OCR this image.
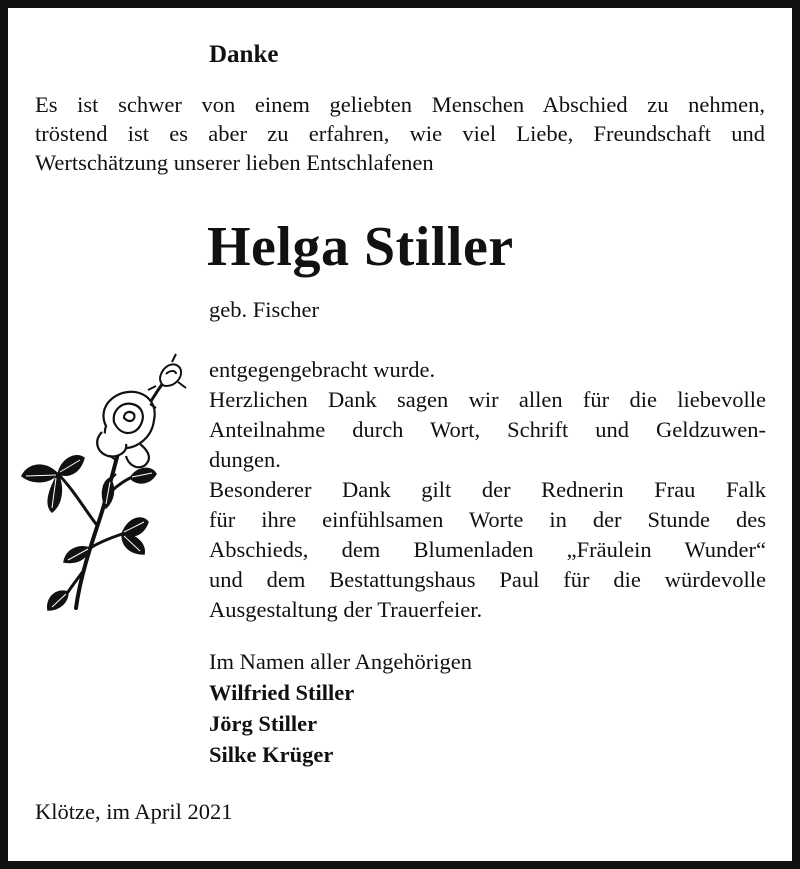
Danke
Es ist schwer von einem geliebten Menschen Abschied zu nehmen,
tröstend ist es aber zu erfahren, wie viel Liebe, Freundschaft und
Wertschätzung unserer lieben Entschlafenen
Helga Stiller
geb. Fischer
entgegengebracht wurde.
Herzlichen Dank sagen wir allen für die liebevolle
Anteilnahme durch Wort, Schrift und Geldzuwen-
dungen.
Besonderer Dank gilt der Rednerin Frau Falk
für ihre einfühlsamen Worte in der Stunde des
Abschieds, dem Blumenladen „Fräulein Wunder“
und dem Bestattungshaus Paul für die würdevolle
Ausgestaltung der Trauerfeier.
Im Namen aller Angehörigen
Wilfried Stiller
Jörg Stiller
Silke Krüger
Klötze, im April 2021
